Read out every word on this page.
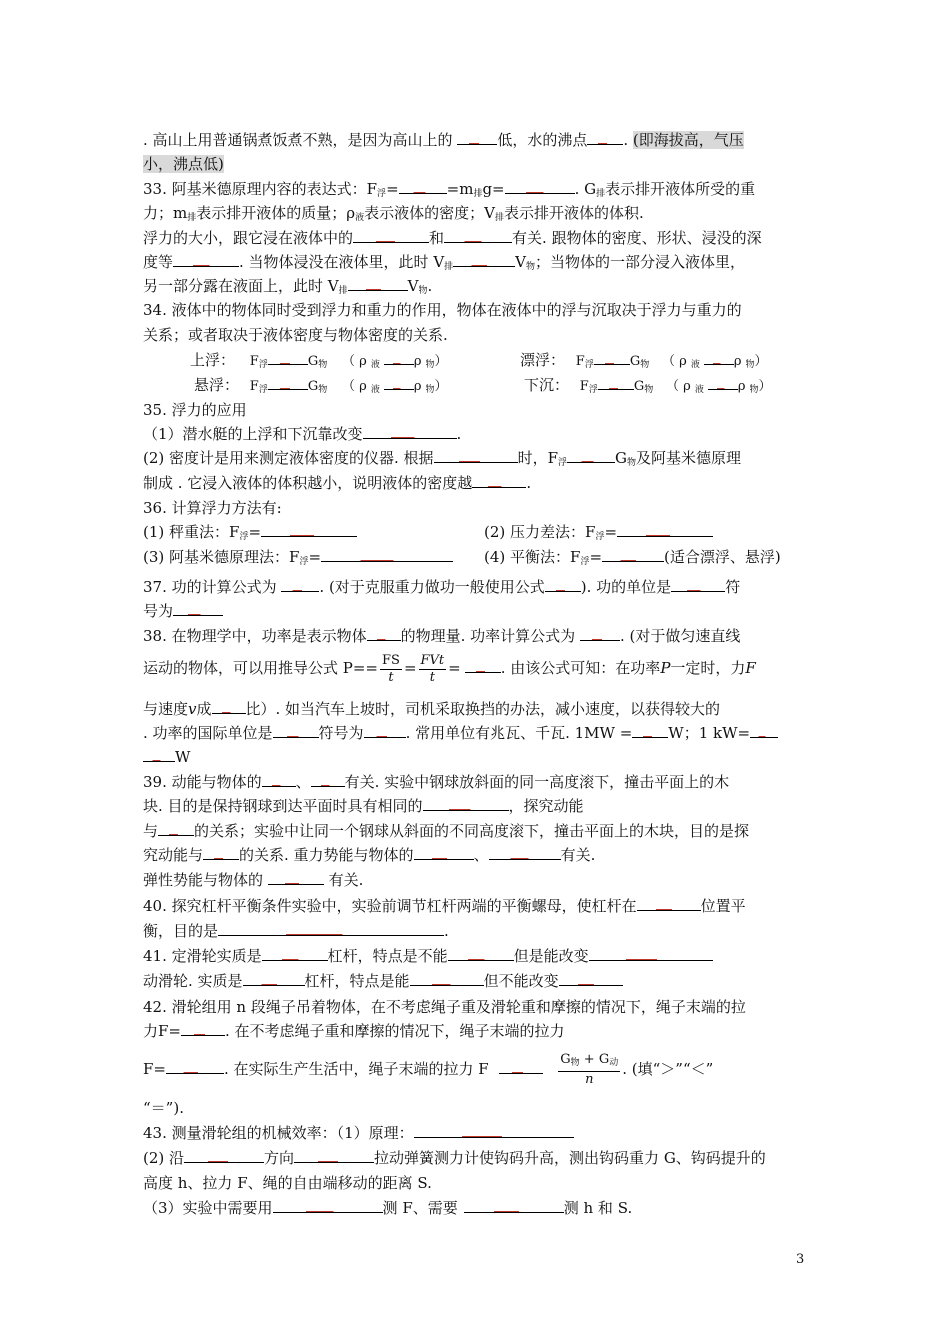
. 高山上用普通锅煮饭煮不熟，是因为高山上的	低，水的沸点 . (即海拔高，气压
小，沸点低)
33. 阿基米德原理内容的表达式：$F_浮=$	$=m_排g=$	. $G_排$表示排开液体所受的重
力；$m_排$表示排开液体的质量；$\rho_液$表示液体的密度；$V_排$表示排开液体的体积.
浮力的大小，跟它浸在液体中的	和	有关. 跟物体的密度、形状、浸没的深
度等	. 当物体浸没在液体里，此时 $V_排$	$V_物$；当物体的一部分浸入液体里，
另一部分露在液面上，此时 $V_排$	$V_物$.
34. 液体中的物体同时受到浮力和重力的作用，物体在液体中的浮与沉取决于浮力与重力的
关系；或者取决于液体密度与物体密度的关系.
上浮： $F_浮$	$G_物$ （ ρ $_液$	ρ $_物$）	漂浮： $F_浮$	$G_物$ （ ρ $_液$	ρ $_物$）
悬浮： $F_浮$	$G_物$ （ ρ $_液$	ρ $_物$）	下沉： $F_浮$	$G_物$ （ ρ $_液$	ρ $_物$）
35. 浮力的应用
（1）潜水艇的上浮和下沉靠改变	.
(2) 密度计是用来测定液体密度的仪器. 根据	时，$F_浮$	$G_物$及阿基米德原理
制成 . 它浸入液体的体积越小，说明液体的密度越	.
36. 计算浮力方法有:
(1) 秤重法：$F_浮=$	(2) 压力差法：$F_浮=$
(3) 阿基米德原理法：$F_浮=$	(4) 平衡法：$F_浮=$	(适合漂浮、悬浮)
37. 功的计算公式为	. (对于克服重力做功一般使用公式 ). 功的单位是	符
号为
38. 在物理学中，功率是表示物体 的物理量. 功率计算公式为	. (对于做匀速直线
运动的物体，可以用推导公式 $P== \frac{FS}{t} = \frac{\text{FVt}}{t}$ =	. 由该公式可知：在功率P一定时，力F
与速度v成 比）. 如当汽车上坡时，司机采取换挡的办法，减小速度，以获得较大的
. 功率的国际单位是	符号为	. 常用单位有兆瓦、千瓦. 1MW = W；1 kW=
W
39. 动能与物体的 、 有关. 实验中钢球放斜面的同一高度滚下，撞击平面上的木
块. 目的是保持钢球到达平面时具有相同的	，探究动能
与 的关系；实验中让同一个钢球从斜面的不同高度滚下，撞击平面上的木块，目的是探
究动能与 的关系. 重力势能与物体的	、	有关.
弹性势能与物体的	有关.
40. 探究杠杆平衡条件实验中，实验前调节杠杆两端的平衡螺母，使杠杆在	位置平
衡，目的是	.
41. 定滑轮实质是	杠杆，特点是不能	但是能改变
动滑轮. 实质是	杠杆，特点是能	但不能改变
42. 滑轮组用 n 段绳子吊着物体，在不考虑绳子重及滑轮重和摩擦的情况下，绳子末端的拉
力F=	. 在不考虑绳子重和摩擦的情况下，绳子末端的拉力
F=	. 在实际生产生活中，绳子末端的拉力 F	$\frac{G_物 + G_动}{n}$ . (填“＞”“＜”
“＝”).
43. 测量滑轮组的机械效率：（1）原理：
(2) 沿	方向	拉动弹簧测力计使钩码升高，测出钩码重力 G、钩码提升的
高度 h、拉力 F、绳的自由端移动的距离 S.
（3）实验中需要用	测 F、需要	测 h 和 S.
3
